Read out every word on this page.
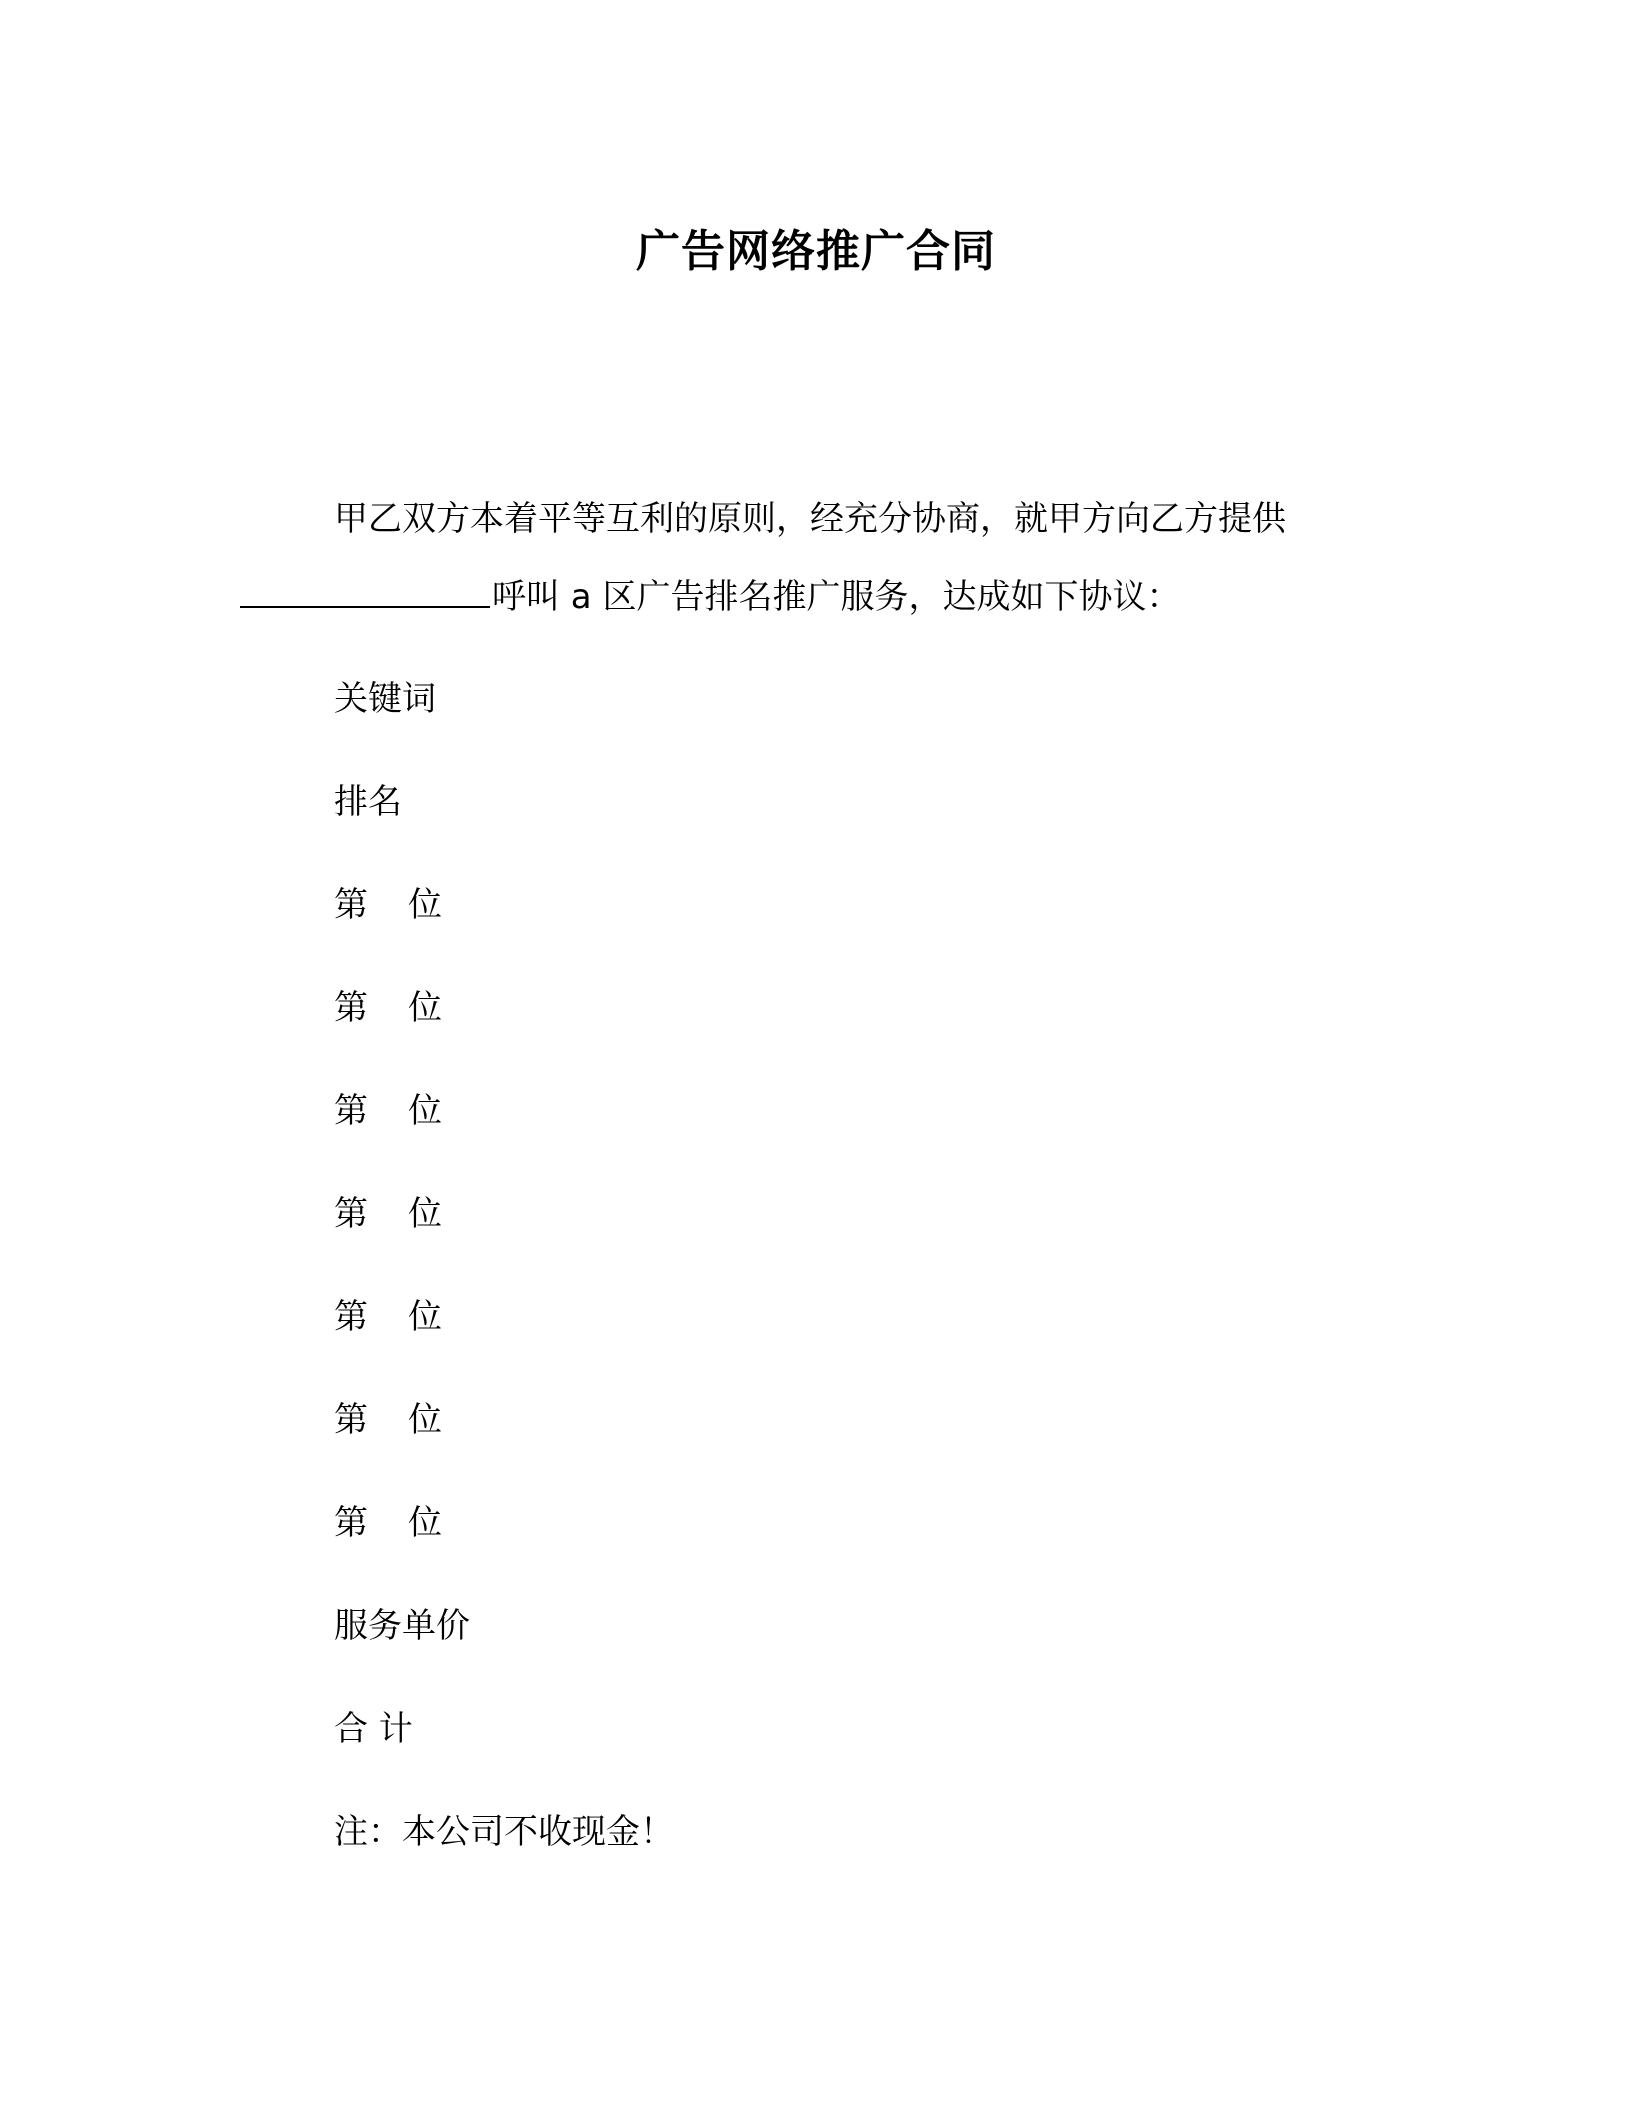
广告网络推广合同
甲乙双方本着平等互利的原则，经充分协商，就甲方向乙方提供
呼叫 a 区广告排名推广服务，达成如下协议：
关键词
排名
第 位
第 位
第 位
第 位
第 位
第 位
第 位
服务单价
合 计
注：本公司不收现金！
